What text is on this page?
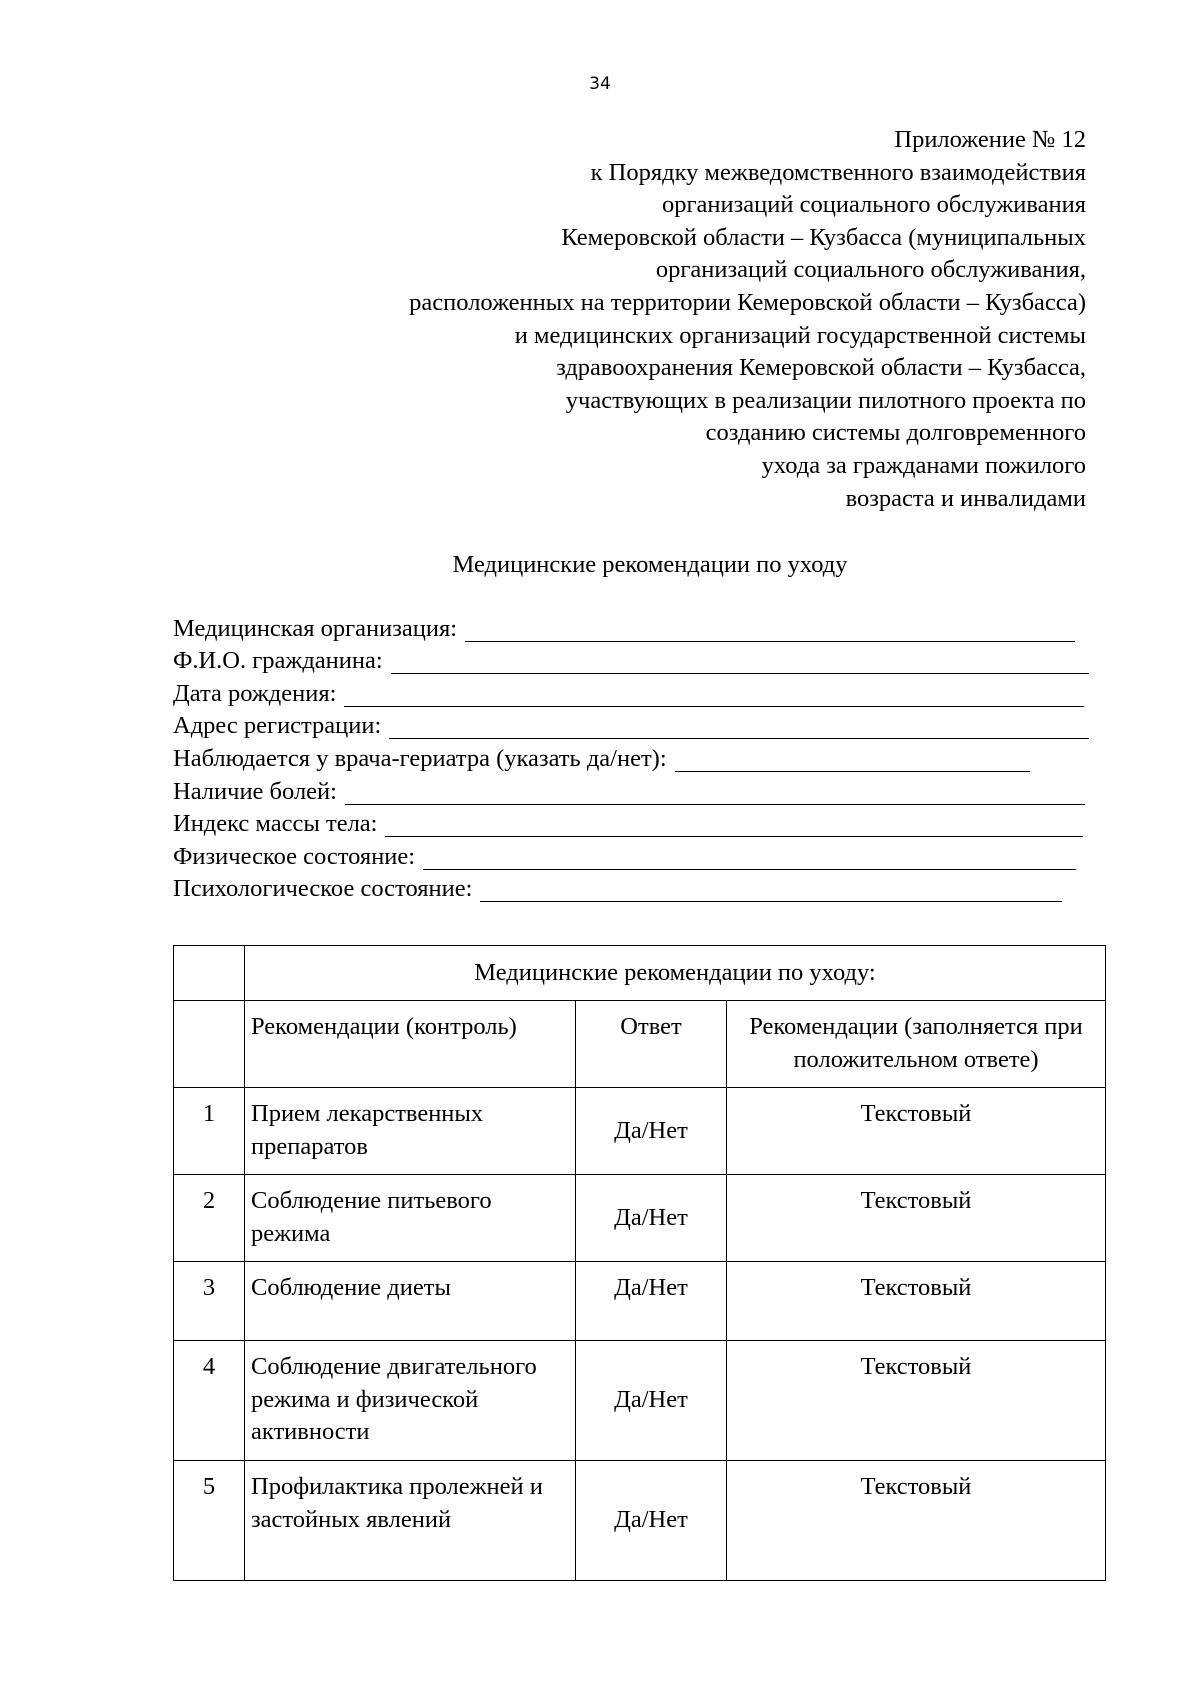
34
Приложение № 12
к Порядку межведомственного взаимодействия
организаций социального обслуживания
Кемеровской области – Кузбасса (муниципальных
организаций социального обслуживания,
расположенных на территории Кемеровской области – Кузбасса)
и медицинских организаций государственной системы
здравоохранения Кемеровской области – Кузбасса,
участвующих в реализации пилотного проекта по
созданию системы долговременного
ухода за гражданами пожилого
возраста и инвалидами
Медицинские рекомендации по уходу
Медицинская организация:
Ф.И.О. гражданина:
Дата рождения:
Адрес регистрации:
Наблюдается у врача-гериатра (указать да/нет):
Наличие болей:
Индекс массы тела:
Физическое состояние:
Психологическое состояние:
	Медицинские рекомендации по уходу:		
	Рекомендации (контроль)	Ответ	Рекомендации (заполняется при положительном ответе)
1	Прием лекарственных препаратов	Да/Нет	Текстовый
2	Соблюдение питьевого режима	Да/Нет	Текстовый
3	Соблюдение диеты	Да/Нет	Текстовый
4	Соблюдение двигательного режима и физической активности	Да/Нет	Текстовый
5	Профилактика пролежней и застойных явлений	Да/Нет	Текстовый
